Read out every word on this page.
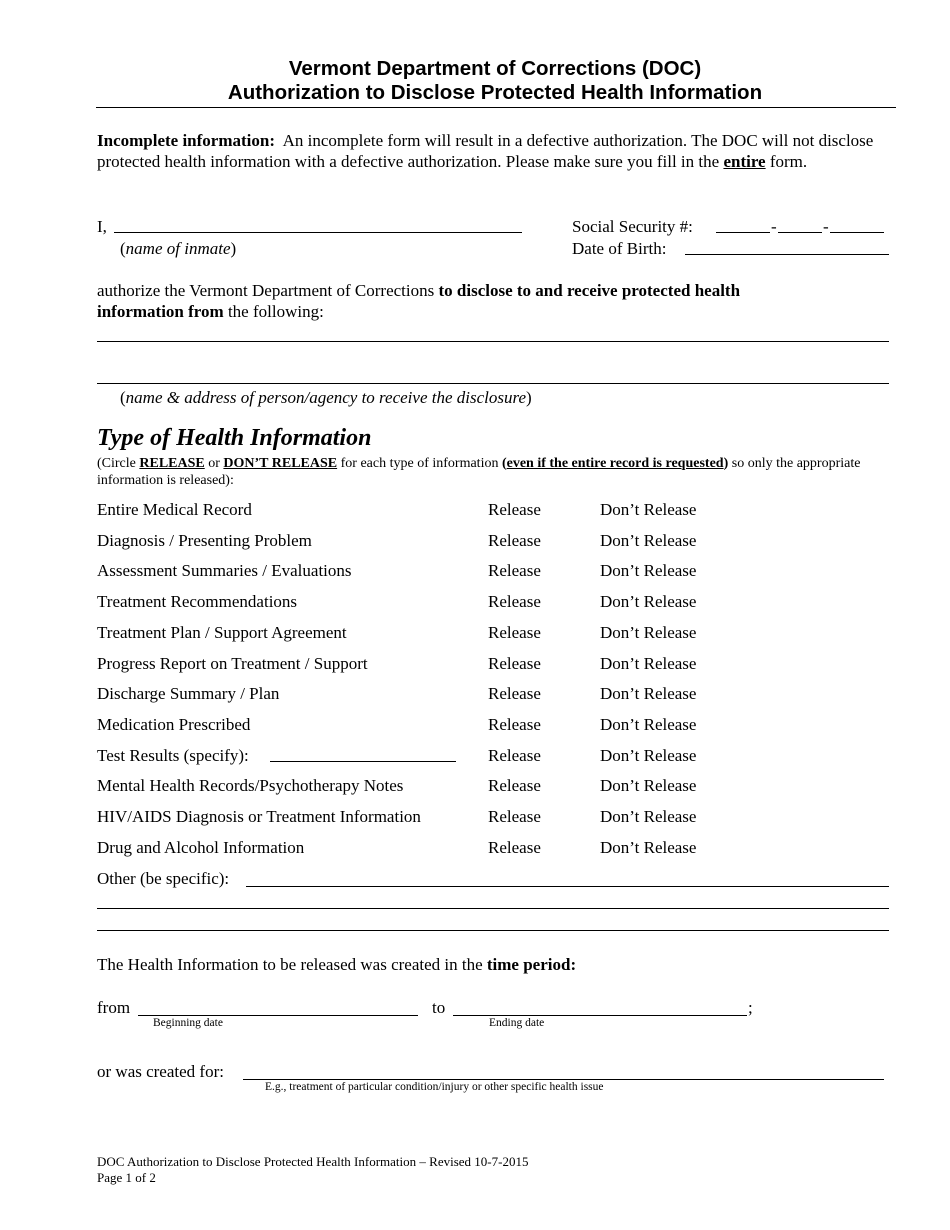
Vermont Department of Corrections (DOC)
Authorization to Disclose Protected Health Information
Incomplete information: An incomplete form will result in a defective authorization. The DOC will not disclose protected health information with a defective authorization. Please make sure you fill in the entire form.
I,
(name of inmate)
Social Security #:	-	-
Date of Birth:
authorize the Vermont Department of Corrections to disclose to and receive protected health information from the following:
(name & address of person/agency to receive the disclosure)
Type of Health Information
(Circle RELEASE or DON’T RELEASE for each type of information (even if the entire record is requested) so only the appropriate information is released):
Entire Medical Record	Release	Don’t Release
Diagnosis / Presenting Problem	Release	Don’t Release
Assessment Summaries / Evaluations	Release	Don’t Release
Treatment Recommendations	Release	Don’t Release
Treatment Plan / Support Agreement	Release	Don’t Release
Progress Report on Treatment / Support	Release	Don’t Release
Discharge Summary / Plan	Release	Don’t Release
Medication Prescribed	Release	Don’t Release
Test Results (specify):	Release	Don’t Release
Mental Health Records/Psychotherapy Notes	Release	Don’t Release
HIV/AIDS Diagnosis or Treatment Information	Release	Don’t Release
Drug and Alcohol Information	Release	Don’t Release
Other (be specific):
The Health Information to be released was created in the time period:
from
Beginning date
to	;
Ending date
or was created for:
E.g., treatment of particular condition/injury or other specific health issue
DOC Authorization to Disclose Protected Health Information – Revised 10-7-2015
Page 1 of 2
